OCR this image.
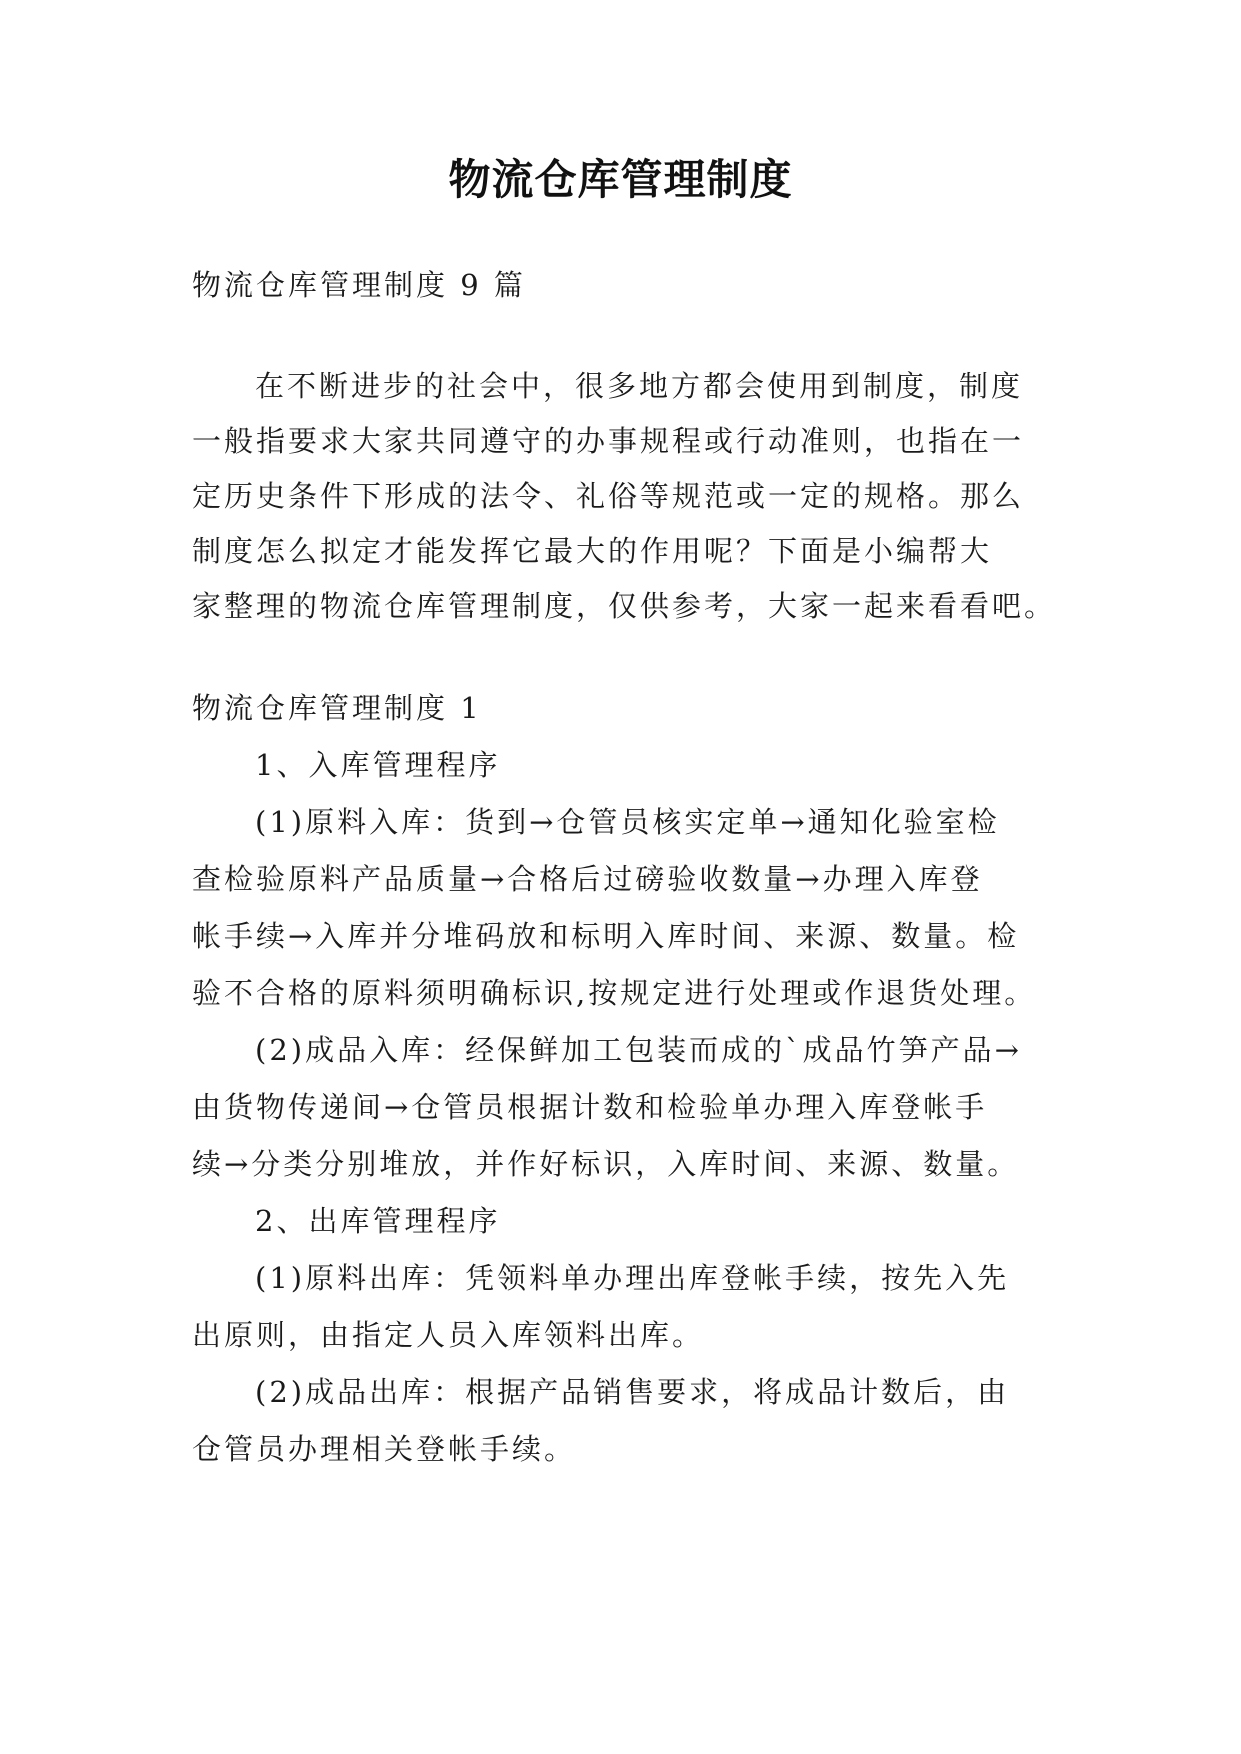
物流仓库管理制度
物流仓库管理制度 9 篇
在不断进步的社会中，很多地方都会使用到制度，制度
一般指要求大家共同遵守的办事规程或行动准则，也指在一
定历史条件下形成的法令、礼俗等规范或一定的规格。那么
制度怎么拟定才能发挥它最大的作用呢？下面是小编帮大
家整理的物流仓库管理制度，仅供参考，大家一起来看看吧。
物流仓库管理制度 1
1、入库管理程序
(1)原料入库：货到→仓管员核实定单→通知化验室检
查检验原料产品质量→合格后过磅验收数量→办理入库登
帐手续→入库并分堆码放和标明入库时间、来源、数量。检
验不合格的原料须明确标识,按规定进行处理或作退货处理。
(2)成品入库：经保鲜加工包装而成的`成品竹笋产品→
由货物传递间→仓管员根据计数和检验单办理入库登帐手
续→分类分别堆放，并作好标识，入库时间、来源、数量。
2、出库管理程序
(1)原料出库：凭领料单办理出库登帐手续，按先入先
出原则，由指定人员入库领料出库。
(2)成品出库：根据产品销售要求，将成品计数后，由
仓管员办理相关登帐手续。
